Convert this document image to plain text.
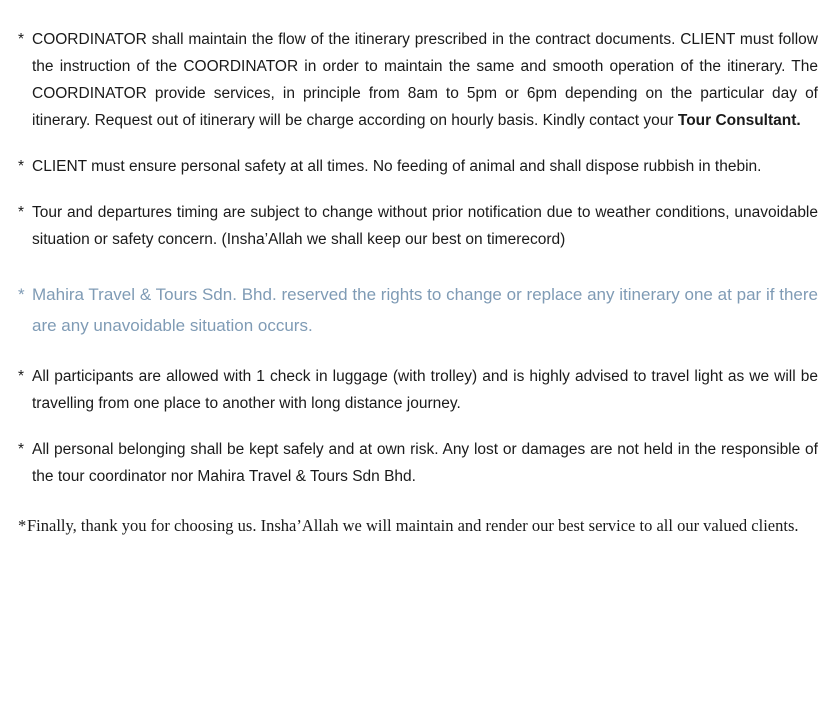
* COORDINATOR shall maintain the flow of the itinerary prescribed in the contract documents. CLIENT must follow the instruction of the COORDINATOR in order to maintain the same and smooth operation of the itinerary. The COORDINATOR provide services, in principle from 8am to 5pm or 6pm depending on the particular day of itinerary. Request out of itinerary will be charge according on hourly basis. Kindly contact your Tour Consultant.
* CLIENT must ensure personal safety at all times. No feeding of animal and shall dispose rubbish in thebin.
* Tour and departures timing are subject to change without prior notification due to weather conditions, unavoidable situation or safety concern. (Insha’Allah we shall keep our best on timerecord)
* Mahira Travel & Tours Sdn. Bhd. reserved the rights to change or replace any itinerary one at par if there are any unavoidable situation occurs.
* All participants are allowed with 1 check in luggage (with trolley) and is highly advised to travel light as we will be travelling from one place to another with long distance journey.
* All personal belonging shall be kept safely and at own risk. Any lost or damages are not held in the responsible of the tour coordinator nor Mahira Travel & Tours Sdn Bhd.
* Finally, thank you for choosing us. Insha’Allah we will maintain and render our best service to all our valued clients.
